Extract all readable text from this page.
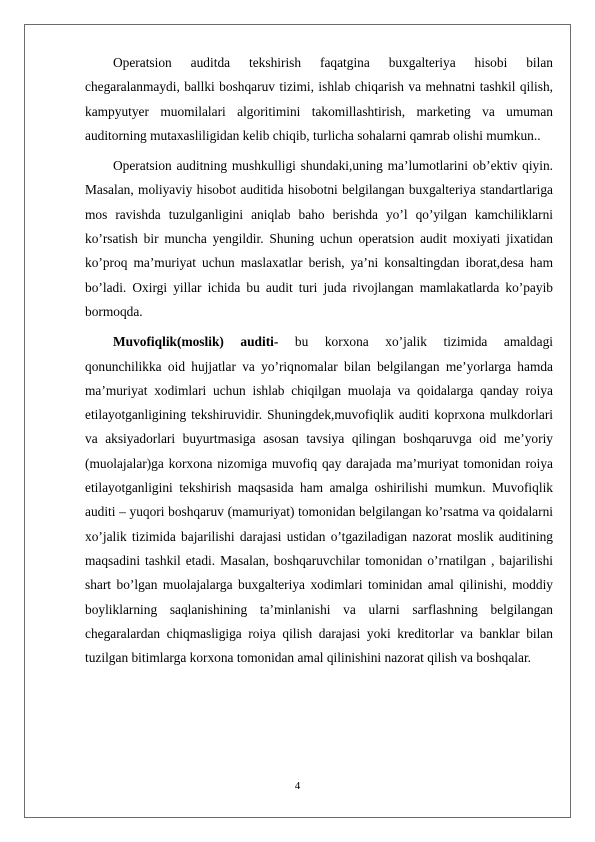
Operatsion auditda tekshirish faqatgina buxgalteriya hisobi bilan chegaralanmaydi, ballki boshqaruv tizimi, ishlab chiqarish va mehnatni tashkil qilish, kampyutyer muomilalari algoritimini takomillashtirish, marketing va umuman auditorning mutaxasliligidan kelib chiqib, turlicha sohalarni qamrab olishi mumkun..

Operatsion auditning mushkulligi shundaki,uning ma’lumotlarini ob’ektiv qiyin. Masalan, moliyaviy hisobot auditida hisobotni belgilangan buxgalteriya standartlariga mos ravishda tuzulganligini aniqlab baho berishda yo’l qo’yilgan kamchiliklarni ko’rsatish bir muncha yengildir. Shuning uchun operatsion audit moxiyati jixatidan ko’proq ma’muriyat uchun maslaxatlar berish, ya’ni konsaltingdan iborat,desa ham bo’ladi. Oxirgi yillar ichida bu audit turi juda rivojlangan mamlakatlarda ko’payib bormoqda.

Muvofiqlik(moslik) auditi- bu korxona xo’jalik tizimida amaldagi qonunchilikka oid hujjatlar va yo’riqnomalar bilan belgilangan me’yorlarga hamda ma’muriyat xodimlari uchun ishlab chiqilgan muolaja va qoidalarga qanday roiya etilayotganligining tekshiruvidir. Shuningdek,muvofiqlik auditi koprxona mulkdorlari va aksiyadorlari buyurtmasiga asosan tavsiya qilingan boshqaruvga oid me’yoriy (muolajalar)ga korxona nizomiga muvofiq qay darajada ma’muriyat tomonidan roiya etilayotganligini tekshirish maqsasida ham amalga oshirilishi mumkun. Muvofiqlik auditi – yuqori boshqaruv (mamuriyat) tomonidan belgilangan ko’rsatma va qoidalarni xo’jalik tizimida bajarilishi darajasi ustidan o’tgaziladigan nazorat moslik auditining maqsadini tashkil etadi. Masalan, boshqaruvchilar tomonidan o’rnatilgan , bajarilishi shart bo’lgan muolajalarga buxgalteriya xodimlari tominidan amal qilinishi, moddiy boyliklarning saqlanishining ta’minlanishi va ularni sarflashning belgilangan chegaralardan chiqmasligiga roiya qilish darajasi yoki kreditorlar va banklar bilan tuzilgan bitimlarga korxona tomonidan amal qilinishini nazorat qilish va boshqalar.

4
